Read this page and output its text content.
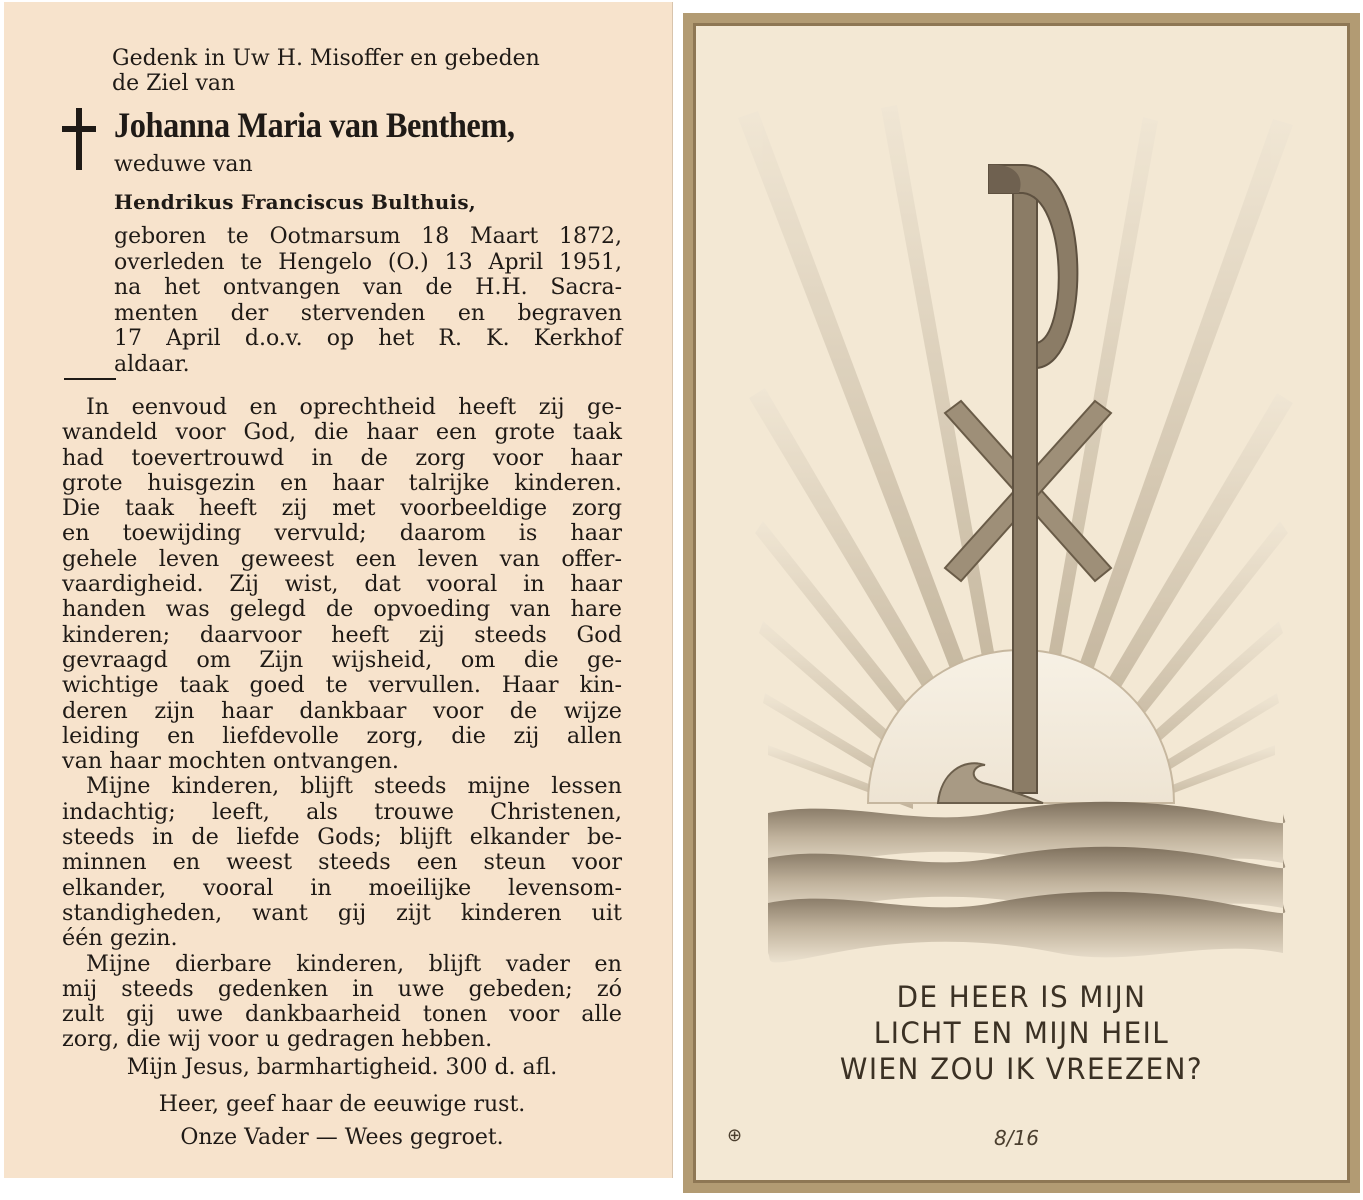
Gedenk in Uw H. Misoffer en gebeden
de Ziel van
Johanna Maria van Benthem,
weduwe van
Hendrikus Franciscus Bulthuis,
geboren te Ootmarsum 18 Maart 1872,
overleden te Hengelo (O.) 13 April 1951,
na het ontvangen van de H.H. Sacra-
menten der stervenden en begraven
17 April d.o.v. op het R. K. Kerkhof
aldaar.
In eenvoud en oprechtheid heeft zij ge-
wandeld voor God, die haar een grote taak
had toevertrouwd in de zorg voor haar
grote huisgezin en haar talrijke kinderen.
Die taak heeft zij met voorbeeldige zorg
en toewijding vervuld; daarom is haar
gehele leven geweest een leven van offer-
vaardigheid. Zij wist, dat vooral in haar
handen was gelegd de opvoeding van hare
kinderen; daarvoor heeft zij steeds God
gevraagd om Zijn wijsheid, om die ge-
wichtige taak goed te vervullen. Haar kin-
deren zijn haar dankbaar voor de wijze
leiding en liefdevolle zorg, die zij allen
van haar mochten ontvangen.
Mijne kinderen, blijft steeds mijne lessen
indachtig; leeft, als trouwe Christenen,
steeds in de liefde Gods; blijft elkander be-
minnen en weest steeds een steun voor
elkander, vooral in moeilijke levensom-
standigheden, want gij zijt kinderen uit
één gezin.
Mijne dierbare kinderen, blijft vader en
mij steeds gedenken in uwe gebeden; zó
zult gij uwe dankbaarheid tonen voor alle
zorg, die wij voor u gedragen hebben.
Mijn Jesus, barmhartigheid. 300 d. afl.
Heer, geef haar de eeuwige rust.
Onze Vader — Wees gegroet.
DE HEER IS MIJN
LICHT EN MIJN HEIL
WIEN ZOU IK VREEZEN?
⊕	8/16
